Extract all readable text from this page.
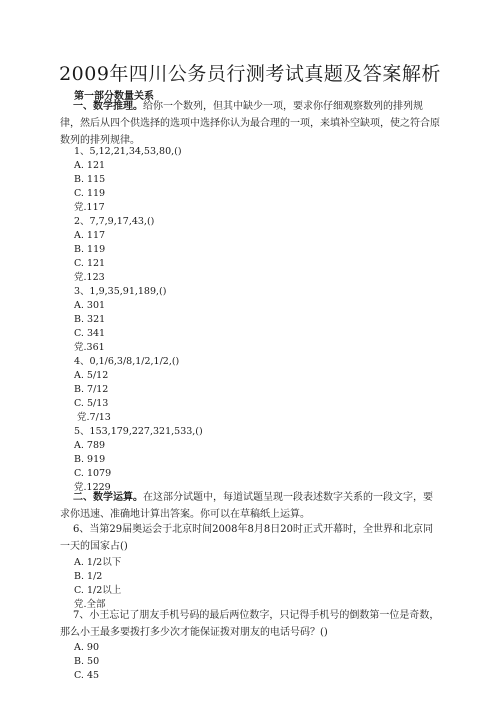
2009年四川公务员行测考试真题及答案解析
第一部分数量关系
一、数学推理。给你一个数列，但其中缺少一项，要求你仔细观察数列的排列规律，然后从四个供选择的选项中选择你认为最合理的一项，来填补空缺项，使之符合原数列的排列规律。
1、5,12,21,34,53,80,()
A. 121
B. 115
C. 119
党.117
2、7,7,9,17,43,()
A. 117
B. 119
C. 121
党.123
3、1,9,35,91,189,()
A. 301
B. 321
C. 341
党.361
4、0,1/6,3/8,1/2,1/2,()
A. 5/12
B. 7/12
C. 5/13
党.7/13
5、153,179,227,321,533,()
A. 789
B. 919
C. 1079
党.1229
二、数学运算。在这部分试题中，每道试题呈现一段表述数字关系的一段文字，要求你迅速、准确地计算出答案。你可以在草稿纸上运算。
6、当第29届奥运会于北京时间2008年8月8日20时正式开幕时，全世界和北京同一天的国家占()
A. 1/2以下
B. 1/2
C. 1/2以上
党.全部
7、小王忘记了朋友手机号码的最后两位数字，只记得手机号的倒数第一位是奇数，那么小王最多要拨打多少次才能保证拨对朋友的电话号码？()
A. 90
B. 50
C. 45
